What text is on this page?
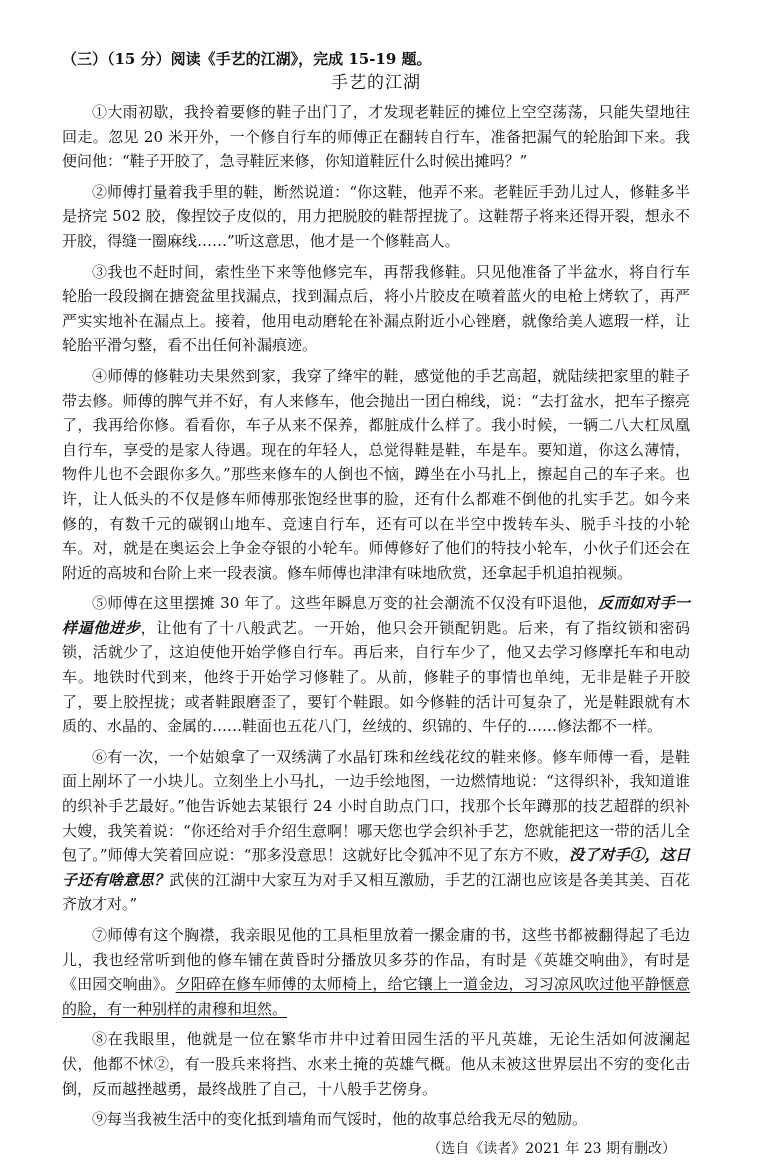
（三）（15 分）阅读《手艺的江湖》，完成 15-19 题。
手艺的江湖

①大雨初歇，我拎着要修的鞋子出门了，才发现老鞋匠的摊位上空空荡荡，只能失望地往回走。忽见 20 米开外，一个修自行车的师傅正在翻转自行车，准备把漏气的轮胎卸下来。我便问他：“鞋子开胶了，急寻鞋匠来修，你知道鞋匠什么时候出摊吗？”

②师傅打量着我手里的鞋，断然说道：“你这鞋，他弄不来。老鞋匠手劲儿过人，修鞋多半是挤完 502 胶，像捏饺子皮似的，用力把脱胶的鞋帮捏拢了。这鞋帮子将来还得开裂，想永不开胶，得缝一圈麻线……”听这意思，他才是一个修鞋高人。

③我也不赶时间，索性坐下来等他修完车，再帮我修鞋。只见他准备了半盆水，将自行车轮胎一段段搁在搪瓷盆里找漏点，找到漏点后，将小片胶皮在喷着蓝火的电枪上烤软了，再严严实实地补在漏点上。接着，他用电动磨轮在补漏点附近小心锉磨，就像给美人遮瑕一样，让轮胎平滑匀整，看不出任何补漏痕迹。

④师傅的修鞋功夫果然到家，我穿了绛牢的鞋，感觉他的手艺高超，就陆续把家里的鞋子带去修。师傅的脾气并不好，有人来修车，他会抛出一团白棉线，说：“去打盆水，把车子擦亮了，我再给你修。看看你，车子从来不保养，都脏成什么样了。我小时候，一辆二八大杠凤凰自行车，享受的是家人待遇。现在的年轻人，总觉得鞋是鞋，车是车。要知道，你这么薄情，物件儿也不会跟你多久。”那些来修车的人倒也不恼，蹲坐在小马扎上，擦起自己的车子来。也许，让人低头的不仅是修车师傅那张饱经世事的脸，还有什么都难不倒他的扎实手艺。如今来修的，有数千元的碳钢山地车、竞速自行车，还有可以在半空中拨转车头、脱手斗技的小轮车。对，就是在奥运会上争金夺银的小轮车。师傅修好了他们的特技小轮车，小伙子们还会在附近的高坡和台阶上来一段表演。修车师傅也津津有味地欣赏，还拿起手机追拍视频。

⑤师傅在这里摆摊 30 年了。这些年瞬息万变的社会潮流不仅没有吓退他，反而如对手一样逼他进步，让他有了十八般武艺。一开始，他只会开锁配钥匙。后来，有了指纹锁和密码锁，活就少了，这迫使他开始学修自行车。再后来，自行车少了，他又去学习修摩托车和电动车。地铁时代到来，他终于开始学习修鞋了。从前，修鞋子的事情也单纯，无非是鞋子开胶了，要上胶捏拢；或者鞋跟磨歪了，要钉个鞋跟。如今修鞋的活计可复杂了，光是鞋跟就有木质的、水晶的、金属的……鞋面也五花八门，丝绒的、织锦的、牛仔的……修法都不一样。

⑥有一次，一个姑娘拿了一双绣满了水晶钉珠和丝线花纹的鞋来修。修车师傅一看，是鞋面上剐坏了一小块儿。立刻坐上小马扎，一边手绘地图，一边燃情地说：“这得织补，我知道谁的织补手艺最好。”他告诉她去某银行 24 小时自助点门口，找那个长年蹲那的技艺超群的织补大嫂，我笑着说：“你还给对手介绍生意啊！哪天您也学会织补手艺，您就能把这一带的活儿全包了。”师傅大笑着回应说：“那多没意思！这就好比令狐冲不见了东方不败，没了对手①，这日子还有啥意思？武侠的江湖中大家互为对手又相互激励，手艺的江湖也应该是各美其美、百花齐放才对。”

⑦师傅有这个胸襟，我亲眼见他的工具柜里放着一摞金庸的书，这些书都被翻得起了毛边儿，我也经常听到他的修车铺在黄昏时分播放贝多芬的作品，有时是《英雄交响曲》，有时是《田园交响曲》。夕阳碎在修车师傅的太师椅上，给它镶上一道金边，习习凉风吹过他平静惬意的脸，有一种别样的肃穆和坦然。

⑧在我眼里，他就是一位在繁华市井中过着田园生活的平凡英雄，无论生活如何波澜起伏，他都不怵②，有一股兵来将挡、水来土掩的英雄气概。他从未被这世界层出不穷的变化击倒，反而越挫越勇，最终战胜了自己，十八般手艺傍身。

⑨每当我被生活中的变化抵到墙角而气馁时，他的故事总给我无尽的勉励。

（选自《读者》2021 年 23 期有删改）
